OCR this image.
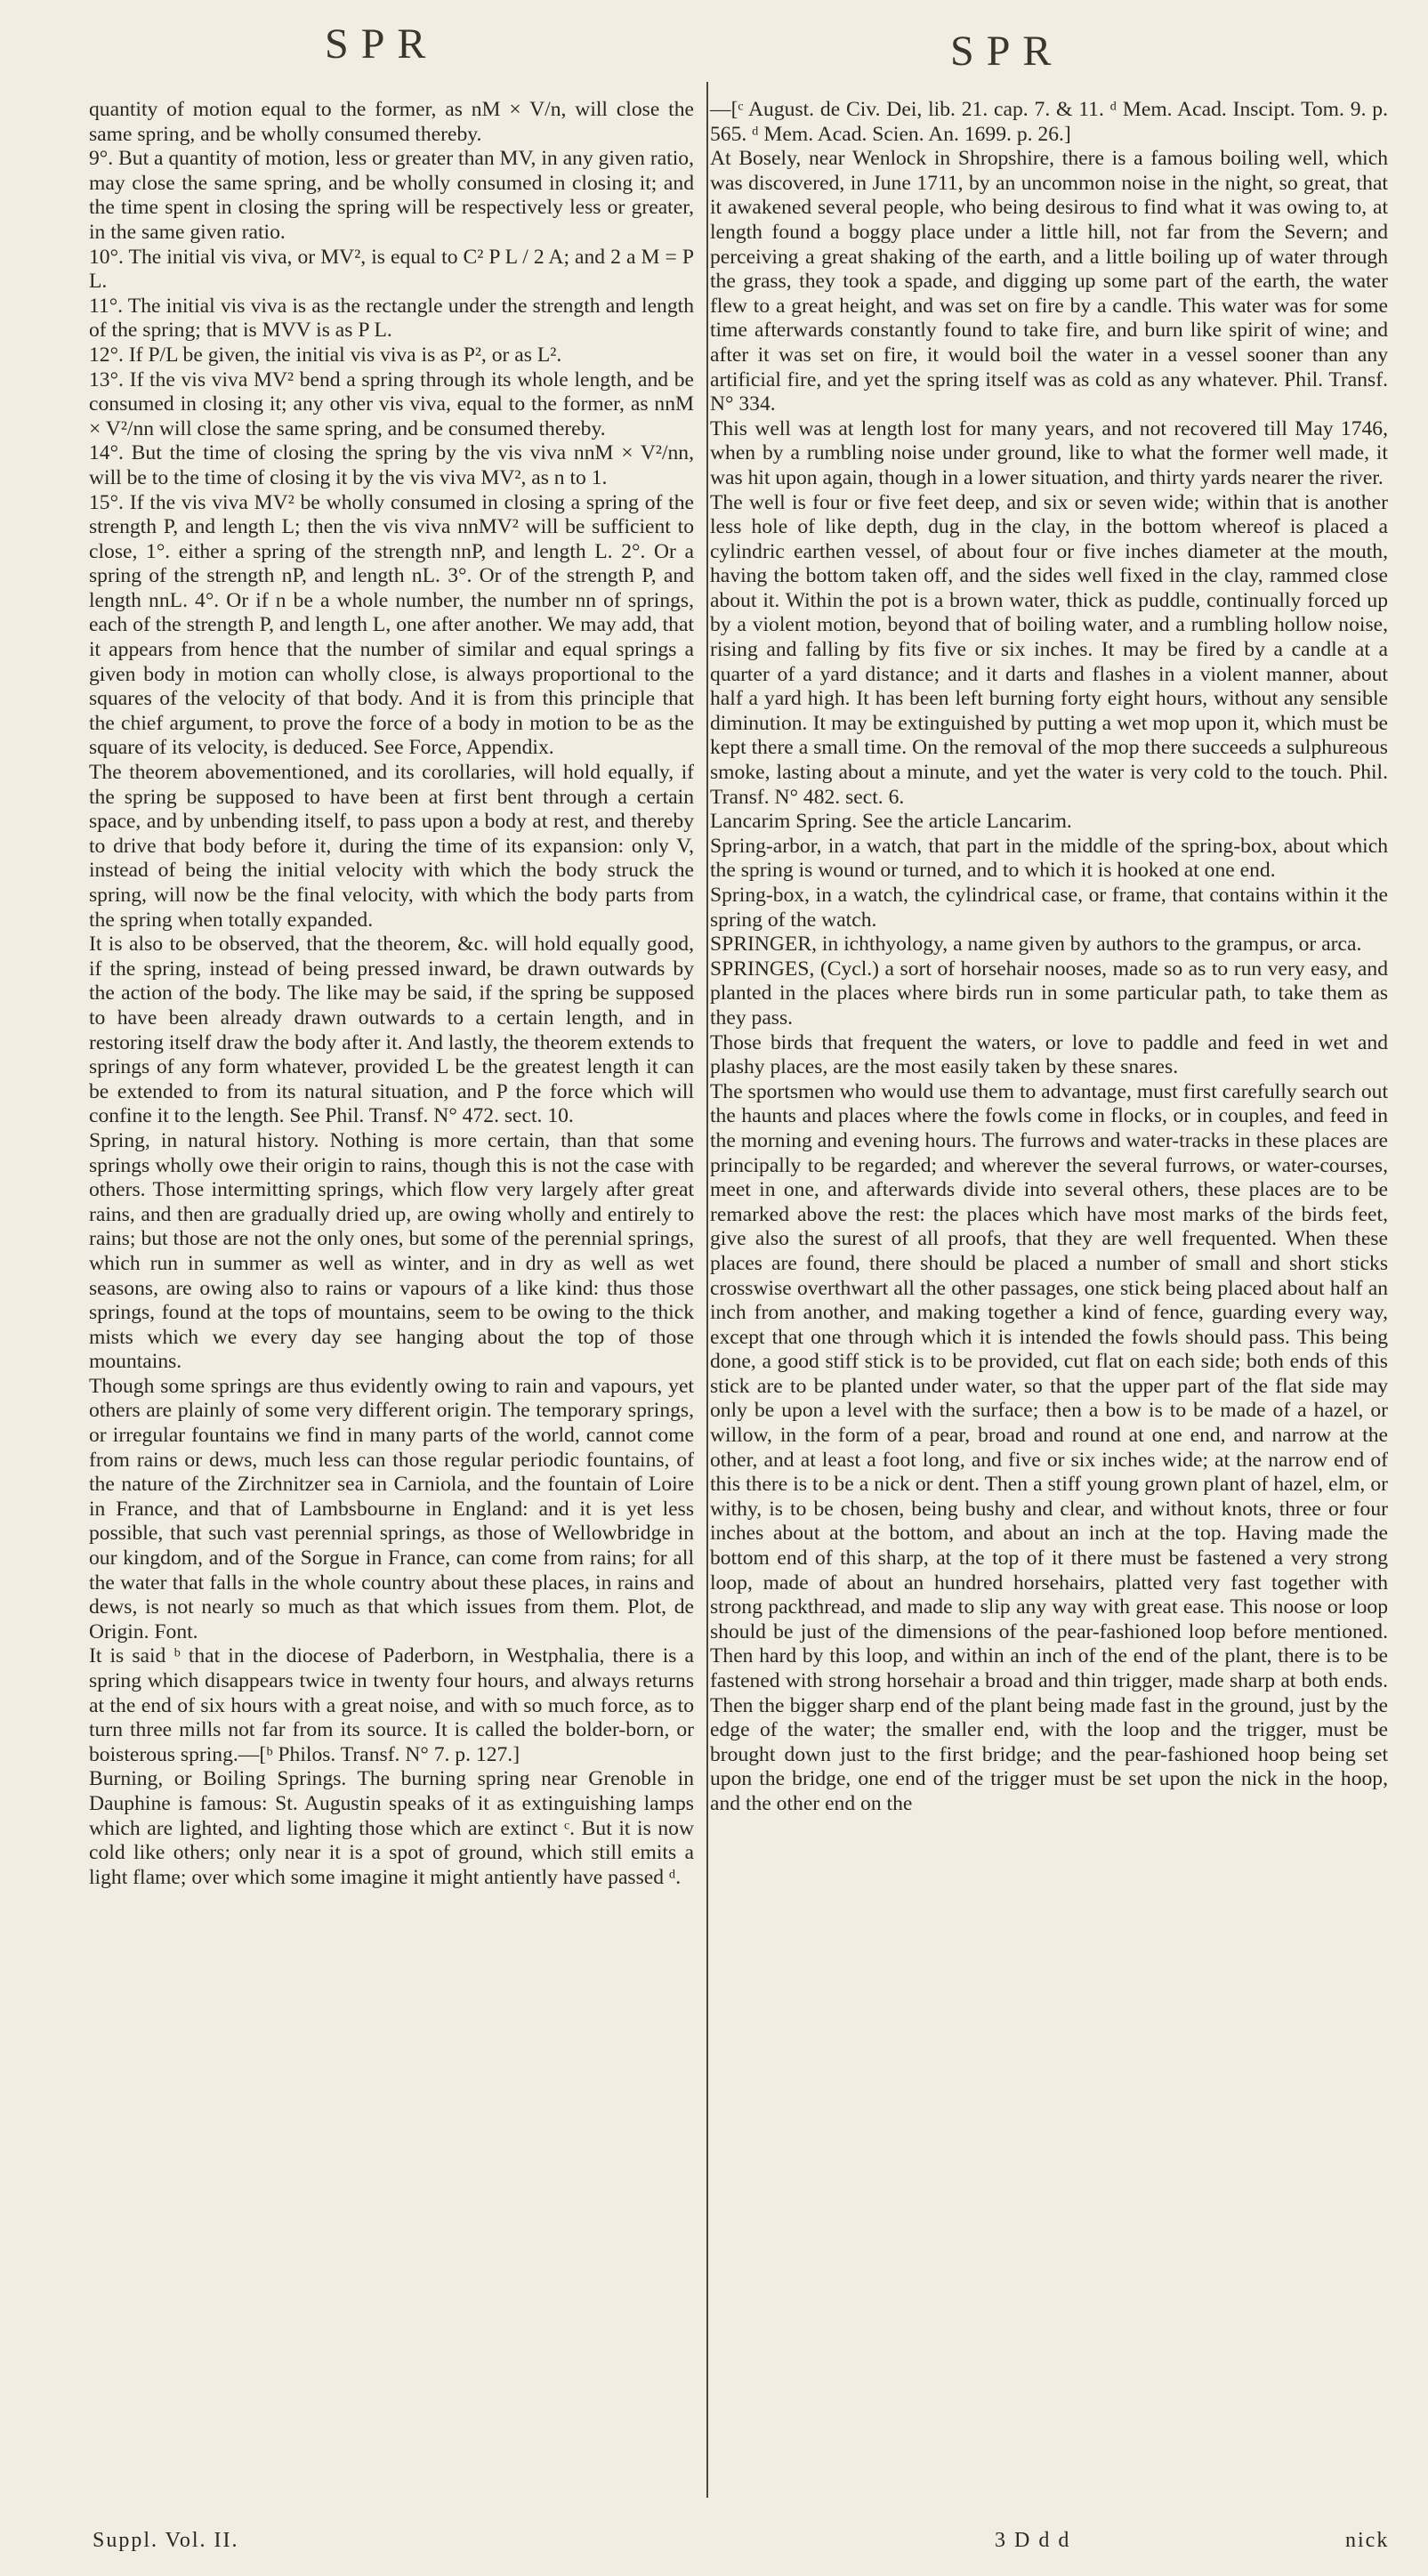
SPR	SPR

quantity of motion equal to the former, as nM × V/n, will close the same spring, and be wholly consumed thereby.

9°. But a quantity of motion, less or greater than MV, in any given ratio, may close the same spring, and be wholly consumed in closing it; and the time spent in closing the spring will be respectively less or greater, in the same given ratio.

10°. The initial vis viva, or MV², is equal to C² P L / 2 A; and 2 a M = P L.

11°. The initial vis viva is as the rectangle under the strength and length of the spring; that is MVV is as P L.

12°. If P/L be given, the initial vis viva is as P², or as L².

13°. If the vis viva MV² bend a spring through its whole length, and be consumed in closing it; any other vis viva, equal to the former, as nnM × V²/nn will close the same spring, and be consumed thereby.

14°. But the time of closing the spring by the vis viva nnM × V²/nn, will be to the time of closing it by the vis viva MV², as n to 1.

15°. If the vis viva MV² be wholly consumed in closing a spring of the strength P, and length L; then the vis viva nnMV² will be sufficient to close, 1°. either a spring of the strength nnP, and length L. 2°. Or a spring of the strength nP, and length nL. 3°. Or of the strength P, and length nnL. 4°. Or if n be a whole number, the number nn of springs, each of the strength P, and length L, one after another. We may add, that it appears from hence that the number of similar and equal springs a given body in motion can wholly close, is always proportional to the squares of the velocity of that body. And it is from this principle that the chief argument, to prove the force of a body in motion to be as the square of its velocity, is deduced. See Force, Appendix.

The theorem abovementioned, and its corollaries, will hold equally, if the spring be supposed to have been at first bent through a certain space, and by unbending itself, to pass upon a body at rest, and thereby to drive that body before it, during the time of its expansion: only V, instead of being the initial velocity with which the body struck the spring, will now be the final velocity, with which the body parts from the spring when totally expanded.

It is also to be observed, that the theorem, &c. will hold equally good, if the spring, instead of being pressed inward, be drawn outwards by the action of the body. The like may be said, if the spring be supposed to have been already drawn outwards to a certain length, and in restoring itself draw the body after it. And lastly, the theorem extends to springs of any form whatever, provided L be the greatest length it can be extended to from its natural situation, and P the force which will confine it to the length. See Phil. Transf. N° 472. sect. 10.

Spring, in natural history. Nothing is more certain, than that some springs wholly owe their origin to rains, though this is not the case with others. Those intermitting springs, which flow very largely after great rains, and then are gradually dried up, are owing wholly and entirely to rains; but those are not the only ones, but some of the perennial springs, which run in summer as well as winter, and in dry as well as wet seasons, are owing also to rains or vapours of a like kind: thus those springs, found at the tops of mountains, seem to be owing to the thick mists which we every day see hanging about the top of those mountains.

Though some springs are thus evidently owing to rain and vapours, yet others are plainly of some very different origin. The temporary springs, or irregular fountains we find in many parts of the world, cannot come from rains or dews, much less can those regular periodic fountains, of the nature of the Zirchnitzer sea in Carniola, and the fountain of Loire in France, and that of Lambsbourne in England: and it is yet less possible, that such vast perennial springs, as those of Wellowbridge in our kingdom, and of the Sorgue in France, can come from rains; for all the water that falls in the whole country about these places, in rains and dews, is not nearly so much as that which issues from them. Plot, de Origin. Font.

It is said ᵇ that in the diocese of Paderborn, in Westphalia, there is a spring which disappears twice in twenty four hours, and always returns at the end of six hours with a great noise, and with so much force, as to turn three mills not far from its source. It is called the bolder-born, or boisterous spring.—[ᵇ Philos. Transf. N° 7. p. 127.]

Burning, or Boiling Springs. The burning spring near Grenoble in Dauphine is famous: St. Augustin speaks of it as extinguishing lamps which are lighted, and lighting those which are extinct ᶜ. But it is now cold like others; only near it is a spot of ground, which still emits a light flame; over which some imagine it might antiently have passed ᵈ.

—[ᶜ August. de Civ. Dei, lib. 21. cap. 7. & 11. ᵈ Mem. Acad. Inscipt. Tom. 9. p. 565. ᵈ Mem. Acad. Scien. An. 1699. p. 26.]

At Bosely, near Wenlock in Shropshire, there is a famous boiling well, which was discovered, in June 1711, by an uncommon noise in the night, so great, that it awakened several people, who being desirous to find what it was owing to, at length found a boggy place under a little hill, not far from the Severn; and perceiving a great shaking of the earth, and a little boiling up of water through the grass, they took a spade, and digging up some part of the earth, the water flew to a great height, and was set on fire by a candle. This water was for some time afterwards constantly found to take fire, and burn like spirit of wine; and after it was set on fire, it would boil the water in a vessel sooner than any artificial fire, and yet the spring itself was as cold as any whatever. Phil. Transf. N° 334.

This well was at length lost for many years, and not recovered till May 1746, when by a rumbling noise under ground, like to what the former well made, it was hit upon again, though in a lower situation, and thirty yards nearer the river.

The well is four or five feet deep, and six or seven wide; within that is another less hole of like depth, dug in the clay, in the bottom whereof is placed a cylindric earthen vessel, of about four or five inches diameter at the mouth, having the bottom taken off, and the sides well fixed in the clay, rammed close about it. Within the pot is a brown water, thick as puddle, continually forced up by a violent motion, beyond that of boiling water, and a rumbling hollow noise, rising and falling by fits five or six inches. It may be fired by a candle at a quarter of a yard distance; and it darts and flashes in a violent manner, about half a yard high. It has been left burning forty eight hours, without any sensible diminution. It may be extinguished by putting a wet mop upon it, which must be kept there a small time. On the removal of the mop there succeeds a sulphureous smoke, lasting about a minute, and yet the water is very cold to the touch. Phil. Transf. N° 482. sect. 6.

Lancarim Spring. See the article Lancarim.

Spring-arbor, in a watch, that part in the middle of the spring-box, about which the spring is wound or turned, and to which it is hooked at one end.

Spring-box, in a watch, the cylindrical case, or frame, that contains within it the spring of the watch.

SPRINGER, in ichthyology, a name given by authors to the grampus, or arca.

SPRINGES, (Cycl.) a sort of horsehair nooses, made so as to run very easy, and planted in the places where birds run in some particular path, to take them as they pass.

Those birds that frequent the waters, or love to paddle and feed in wet and plashy places, are the most easily taken by these snares.

The sportsmen who would use them to advantage, must first carefully search out the haunts and places where the fowls come in flocks, or in couples, and feed in the morning and evening hours. The furrows and water-tracks in these places are principally to be regarded; and wherever the several furrows, or water-courses, meet in one, and afterwards divide into several others, these places are to be remarked above the rest: the places which have most marks of the birds feet, give also the surest of all proofs, that they are well frequented. When these places are found, there should be placed a number of small and short sticks crosswise overthwart all the other passages, one stick being placed about half an inch from another, and making together a kind of fence, guarding every way, except that one through which it is intended the fowls should pass. This being done, a good stiff stick is to be provided, cut flat on each side; both ends of this stick are to be planted under water, so that the upper part of the flat side may only be upon a level with the surface; then a bow is to be made of a hazel, or willow, in the form of a pear, broad and round at one end, and narrow at the other, and at least a foot long, and five or six inches wide; at the narrow end of this there is to be a nick or dent. Then a stiff young grown plant of hazel, elm, or withy, is to be chosen, being bushy and clear, and without knots, three or four inches about at the bottom, and about an inch at the top. Having made the bottom end of this sharp, at the top of it there must be fastened a very strong loop, made of about an hundred horsehairs, platted very fast together with strong packthread, and made to slip any way with great ease. This noose or loop should be just of the dimensions of the pear-fashioned loop before mentioned. Then hard by this loop, and within an inch of the end of the plant, there is to be fastened with strong horsehair a broad and thin trigger, made sharp at both ends. Then the bigger sharp end of the plant being made fast in the ground, just by the edge of the water; the smaller end, with the loop and the trigger, must be brought down just to the first bridge; and the pear-fashioned hoop being set upon the bridge, one end of the trigger must be set upon the nick in the hoop, and the other end on the

Suppl. Vol. II.	3 D d d	nick
